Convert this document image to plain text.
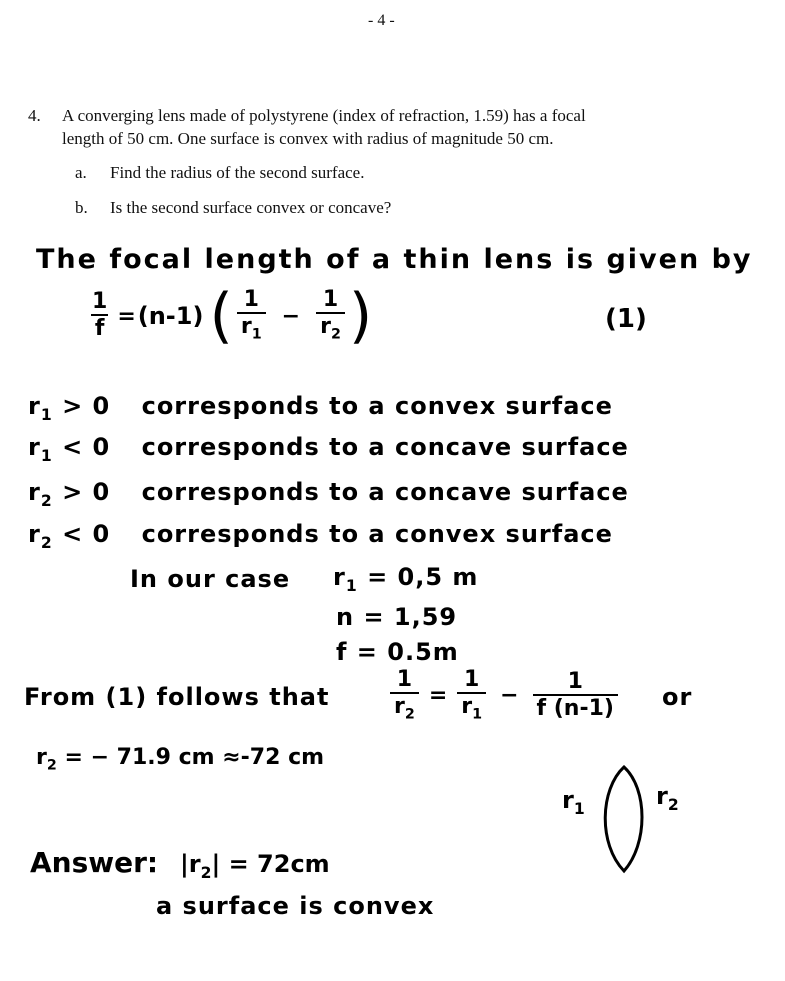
- 4 -
4. A converging lens made of polystyrene (index of refraction, 1.59) has a focal
length of 50 cm. One surface is convex with radius of magnitude 50 cm.
a. Find the radius of the second surface.
b. Is the second surface convex or concave?
The focal length of a thin lens is given by
$\frac{1}{f} = (n-1)$ ( $\frac{1}{r_1} - \frac{1}{r_2}$ )	(1)
$r_1 > 0$ corresponds to a convex surface
$r_1 < 0$ corresponds to a concave surface
$r_2 > 0$ corresponds to a concave surface
$r_2 < 0$ corresponds to a convex surface
In our case $r_1 = 0,5$ m
n = 1,59
f = 0.5m
From (1) follows that	$\frac{1}{r_2} = \frac{1}{r_1} - \frac{1}{f (n-1)}$ or
$r_2$ = − 71.9 cm ≈-72 cm
$r_1$	$r_2$
Answer: $|r_2| = 72cm$
a surface is convex
